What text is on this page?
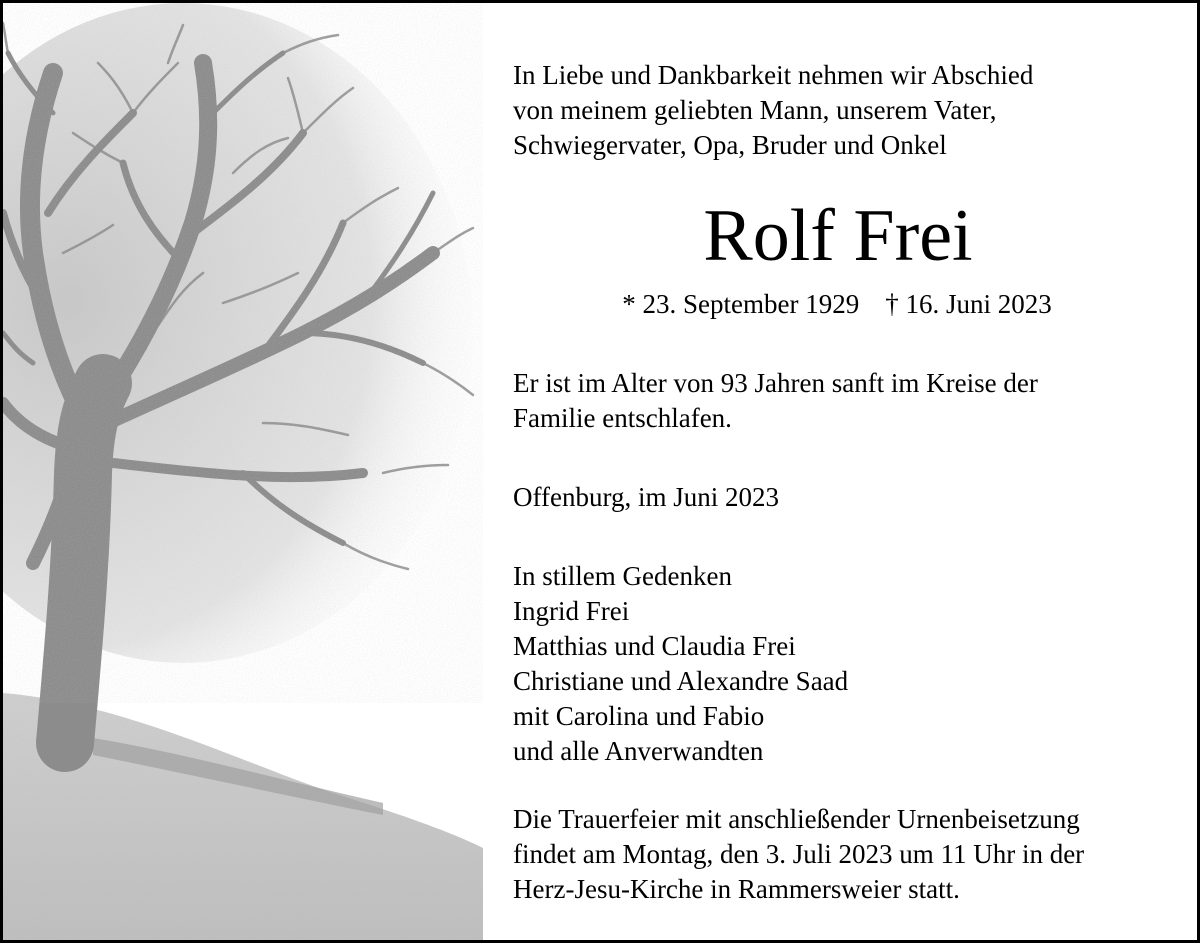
In Liebe und Dankbarkeit nehmen wir Abschied
von meinem geliebten Mann, unserem Vater,
Schwiegervater, Opa, Bruder und Onkel
Rolf Frei
* 23. September 1929 † 16. Juni 2023
Er ist im Alter von 93 Jahren sanft im Kreise der
Familie entschlafen.
Offenburg, im Juni 2023
In stillem Gedenken
Ingrid Frei
Matthias und Claudia Frei
Christiane und Alexandre Saad
mit Carolina und Fabio
und alle Anverwandten
Die Trauerfeier mit anschließender Urnenbeisetzung
findet am Montag, den 3. Juli 2023 um 11 Uhr in der
Herz-Jesu-Kirche in Rammersweier statt.
